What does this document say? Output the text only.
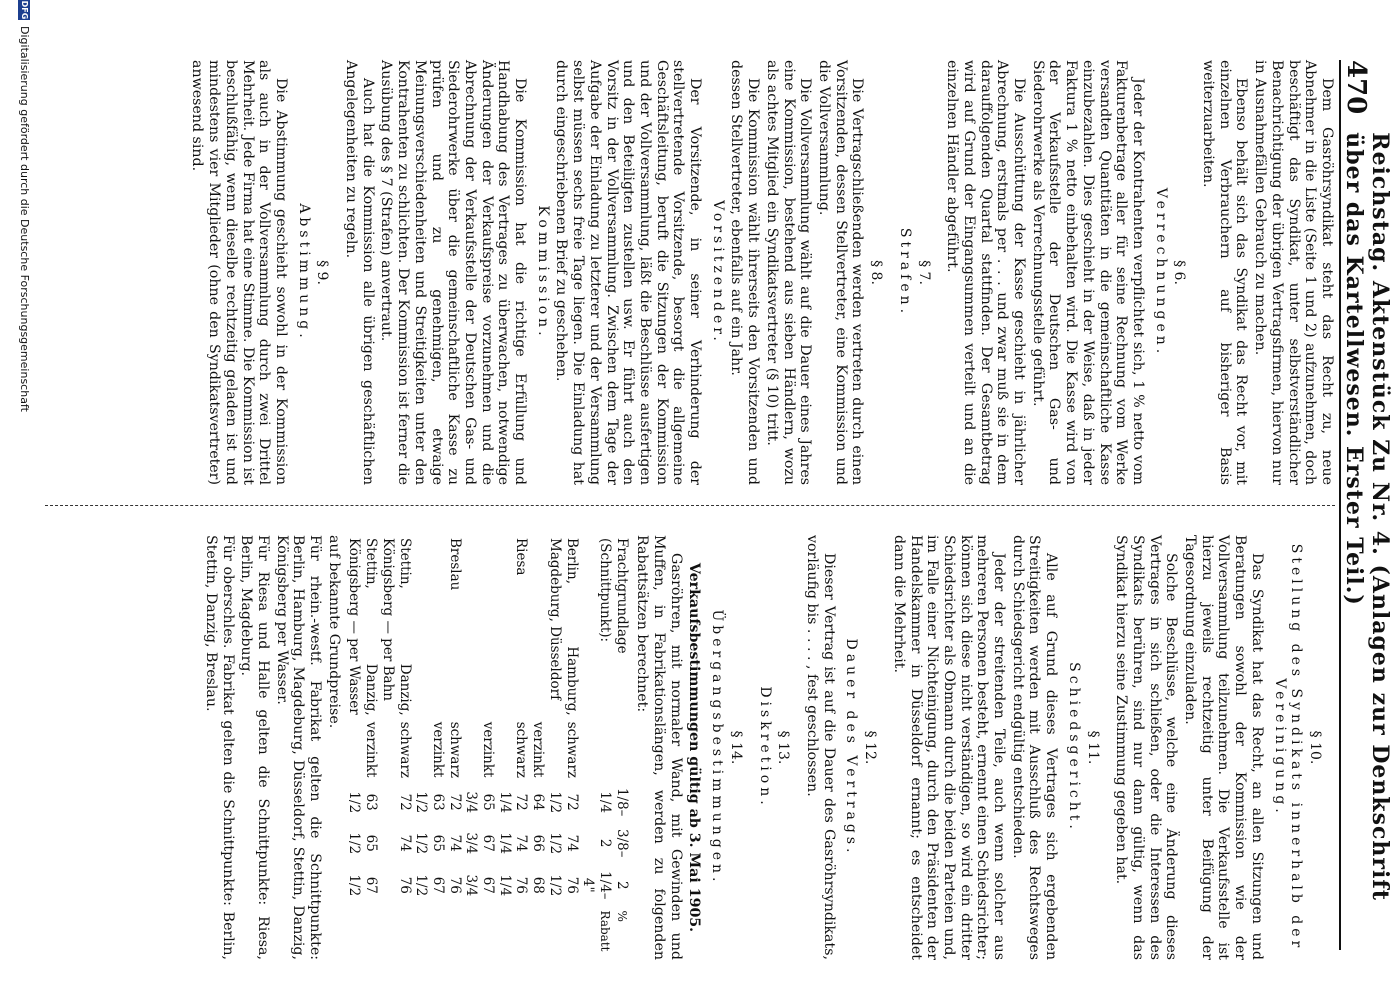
470
Reichstag. Aktenstück Zu Nr. 4. (Anlagen zur Denkschrift über das Kartellwesen. Erster Teil.)

Dem Gasröhrsyndikat steht das Recht zu, neue Abnehmer in die Liste (Seite 1 und 2) aufzunehmen, doch beschäftigt das Syndikat, unter selbstverständlicher Benachrichtigung der übrigen Vertragsfirmen, hiervon nur in Ausnahmefällen Gebrauch zu machen.

Ebenso behält sich das Syndikat das Recht vor, mit einzelnen Verbrauchern auf bisheriger Basis weiterzuarbeiten.

§ 6.
Verrechnungen.

Jeder der Kontrahenten verpflichtet sich, 1 % netto vom Fakturenbetrage aller für seine Rechnung vom Werke versandten Quantitäten in die gemeinschaftliche Kasse einzubezahlen. Dies geschieht in der Weise, daß in jeder Faktura 1 % netto einbehalten wird. Die Kasse wird von der Verkaufsstelle der Deutschen Gas- und Siederohrwerke als Verrechnungsstelle geführt.

Die Ausschüttung der Kasse geschieht in jährlicher Abrechnung, erstmals per . . . und zwar muß sie in dem darauffolgenden Quartal stattfinden. Der Gesamtbetrag wird auf Grund der Eingangsummen verteilt und an die einzelnen Händler abgeführt.

§ 7.
Strafen.
§ 8.

Die Vertragschließenden werden vertreten durch einen Vorsitzenden, dessen Stellvertreter, eine Kommission und die Vollversammlung.

Die Vollversammlung wählt auf die Dauer eines Jahres eine Kommission, bestehend aus sieben Händlern, wozu als achtes Mitglied ein Syndikatsvertreter (§ 10) tritt.

Die Kommission wählt ihrerseits den Vorsitzenden und dessen Stellvertreter, ebenfalls auf ein Jahr.

Vorsitzender.

Der Vorsitzende, in seiner Verhinderung der stellvertretende Vorsitzende, besorgt die allgemeine Geschäftsleitung, beruft die Sitzungen der Kommission und der Vollversammlung, läßt die Beschlüsse ausfertigen und den Beteiligten zustellen usw. Er führt auch den Vorsitz in der Vollversammlung. Zwischen dem Tage der Aufgabe der Einladung zu letzterer und der Versammlung selbst müssen sechs freie Tage liegen. Die Einladung hat durch eingeschriebenen Brief zu geschehen.

Kommission.

Die Kommission hat die richtige Erfüllung und Handhabung des Vertrages zu überwachen, notwendige Änderungen der Verkaufspreise vorzunehmen und die Abrechnung der Verkaufsstelle der Deutschen Gas- und Siederohrwerke über die gemeinschaftliche Kasse zu prüfen und zu genehmigen, etwaige Meinungsverschiedenheiten und Streitigkeiten unter den Kontrahenten zu schlichten. Der Kommission ist ferner die Ausübung des § 7 (Strafen) anvertraut.

Auch hat die Kommission alle übrigen geschäftlichen Angelegenheiten zu regeln.

§ 9.
Abstimmung.

Die Abstimmung geschieht sowohl in der Kommission als auch in der Vollversammlung durch zwei Drittel Mehrheit. Jede Firma hat eine Stimme. Die Kommission ist beschlußfähig, wenn dieselbe rechtzeitig geladen ist und mindestens vier Mitglieder (ohne den Syndikatsvertreter) anwesend sind.

§ 10.
Stellung des Syndikats innerhalb der Vereinigung.

Das Syndikat hat das Recht, an allen Sitzungen und Beratungen sowohl der Kommission wie der Vollversammlung teilzunehmen. Die Verkaufsstelle ist hierzu jeweils rechtzeitig unter Beifügung der Tagesordnung einzuladen.

Solche Beschlüsse, welche eine Änderung dieses Vertrages in sich schließen, oder die Interessen des Syndikats berühren, sind nur dann gültig, wenn das Syndikat hierzu seine Zustimmung gegeben hat.

§ 11.
Schiedsgericht.

Alle auf Grund dieses Vertrages sich ergebenden Streitigkeiten werden mit Ausschluß des Rechtsweges durch Schiedsgericht endgültig entschieden.

Jeder der streitenden Teile, auch wenn solcher aus mehreren Personen besteht, ernennt einen Schiedsrichter; können sich diese nicht verständigen, so wird ein dritter Schiedsrichter als Obmann durch die beiden Parteien und, im Falle einer Nichteinigung, durch den Präsidenten der Handelskammer in Düsseldorf ernannt; es entscheidet dann die Mehrheit.

§ 12.
Dauer des Vertrags.

Dieser Vertrag ist auf die Dauer des Gasröhrsyndikats, vorläufig bis . . . . , fest geschlossen.

§ 13.
Diskretion.
§ 14.
Übergangsbestimmungen.

Verkaufsbestimmungen gültig ab 3. Mai 1905.

Gasröhren, mit normaler Wand, mit Gewinden und Muffen, in Fabrikationslängen, werden zu folgenden Rabattsätzen berechnet:

Frachtgrundlage (Schnittpunkt):		1/8–1/4	3/8–2	2 1/4–4"	% Rabatt
Berlin, Hamburg, Magdeburg, Düsseldorf	schwarz	72 1/2	74 1/2	76 1/2	
	verzinkt	64	66	68	
Riesa	schwarz	72 1/4	74 1/4	76 1/4	
	verzinkt	65 3/4	67 3/4	67 3/4	
Breslau	schwarz	72	74	76	
	verzinkt	63 1/2	65 1/2	67 1/2	
Stettin, Danzig, Königsberg — per Bahn	schwarz	72	74	76	
Stettin, Danzig, Königsberg — per Wasser	verzinkt	63 1/2	65 1/2	67 1/2	

auf bekannte Grundpreise.

Für rhein.-westf. Fabrikat gelten die Schnittpunkte: Berlin, Hamburg, Magdeburg, Düsseldorf, Stettin, Danzig, Königsberg per Wasser.

Für Riesa und Halle gelten die Schnittpunkte: Riesa, Berlin, Magdeburg.

Für oberschles. Fabrikat gelten die Schnittpunkte: Berlin, Stettin, Danzig, Breslau.

DFG
Digitalisierung gefördert durch die Deutsche Forschungsgemeinschaft
